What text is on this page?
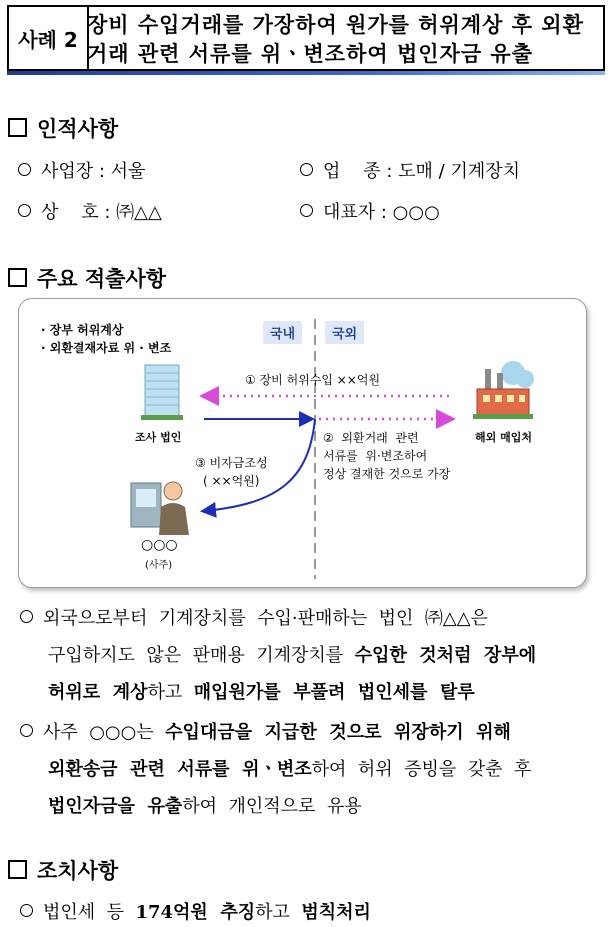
사례 2
장비 수입거래를 가장하여 원가를 허위계상 후 외환
거래 관련 서류를 위ㆍ변조하여 법인자금 유출
인적사항
사업장 : 서울	업    종 : 도매 / 기계장치
상    호 : ㈜△△	대표자 : ○○○
주요 적출사항
· 장부 허위계상
· 외환결재자료 위 · 변조
국내	국외
조사 법인	해외 매입처
① 장비 허위수입 ××억원
②  외환거래  관련
서류를  위·변조하여
정상 결재한 것으로 가장
③ 비자금조성
( ××억원)
○○○
(사주)

외국으로부터  기계장치를  수입·판매하는  법인  ㈜△△은

구입하지도  않은  판매용  기계장치를  수입한  것처럼  장부에

허위로  계상하고  매입원가를  부풀려  법인세를  탈루

사주  ○○○는  수입대금을  지급한  것으로  위장하기  위해

외환송금  관련  서류를  위ㆍ변조하여  허위  증빙을  갖춘  후

법인자금을  유출하여  개인적으로  유용

조치사항
법인세  등  174억원  추징하고  범칙처리
